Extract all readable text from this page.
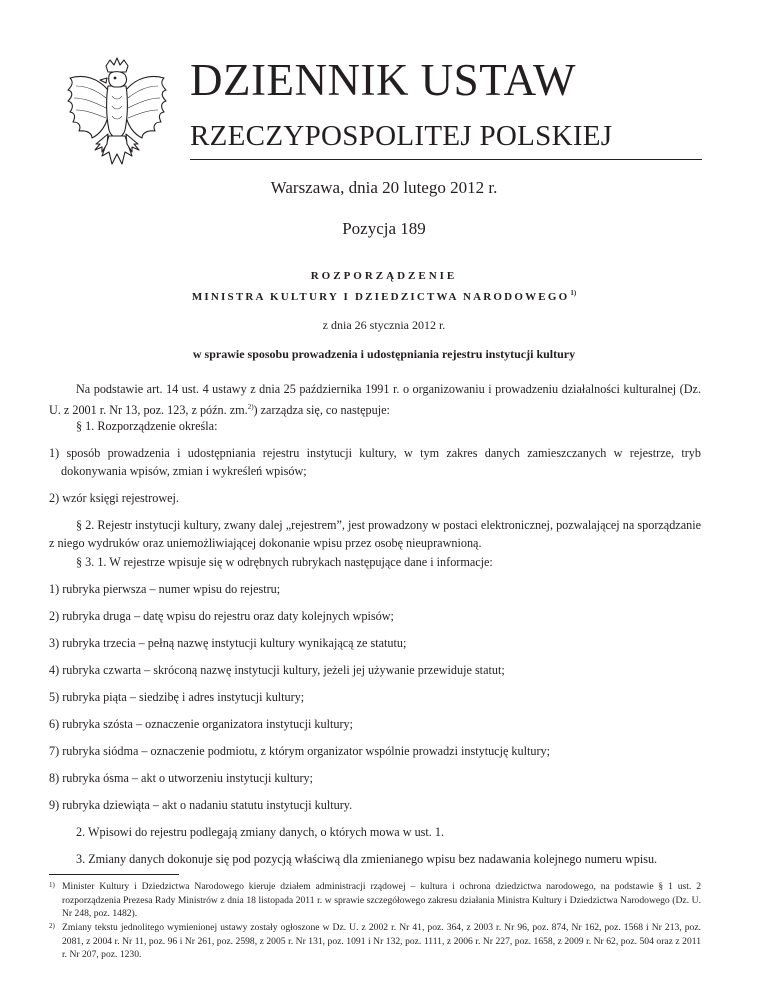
DZIENNIK USTAW
RZECZYPOSPOLITEJ POLSKIEJ
Warszawa, dnia 20 lutego 2012 r.
Pozycja 189
ROZPORZĄDZENIE
MINISTRA KULTURY I DZIEDZICTWA NARODOWEGO$^{1)}$
z dnia 26 stycznia 2012 r.
w sprawie sposobu prowadzenia i udostępniania rejestru instytucji kultury

Na podstawie art. 14 ust. 4 ustawy z dnia 25 października 1991 r. o organizowaniu i prowadzeniu działalności kulturalnej (Dz. U. z 2001 r. Nr 13, poz. 123, z późn. zm.$^{2)}$) zarządza się, co następuje:

§ 1. Rozporządzenie określa:

1) sposób prowadzenia i udostępniania rejestru instytucji kultury, w tym zakres danych zamieszczanych w rejestrze, tryb dokonywania wpisów, zmian i wykreśleń wpisów;

2) wzór księgi rejestrowej.

§ 2. Rejestr instytucji kultury, zwany dalej „rejestrem”, jest prowadzony w postaci elektronicznej, pozwalającej na sporządzanie z niego wydruków oraz uniemożliwiającej dokonanie wpisu przez osobę nieuprawnioną.

§ 3. 1. W rejestrze wpisuje się w odrębnych rubrykach następujące dane i informacje:

1) rubryka pierwsza – numer wpisu do rejestru;

2) rubryka druga – datę wpisu do rejestru oraz daty kolejnych wpisów;

3) rubryka trzecia – pełną nazwę instytucji kultury wynikającą ze statutu;

4) rubryka czwarta – skróconą nazwę instytucji kultury, jeżeli jej używanie przewiduje statut;

5) rubryka piąta – siedzibę i adres instytucji kultury;

6) rubryka szósta – oznaczenie organizatora instytucji kultury;

7) rubryka siódma – oznaczenie podmiotu, z którym organizator wspólnie prowadzi instytucję kultury;

8) rubryka ósma – akt o utworzeniu instytucji kultury;

9) rubryka dziewiąta – akt o nadaniu statutu instytucji kultury.

2. Wpisowi do rejestru podlegają zmiany danych, o których mowa w ust. 1.

3. Zmiany danych dokonuje się pod pozycją właściwą dla zmienianego wpisu bez nadawania kolejnego numeru wpisu.

1) Minister Kultury i Dziedzictwa Narodowego kieruje działem administracji rządowej – kultura i ochrona dziedzictwa narodowego, na podstawie § 1 ust. 2 rozporządzenia Prezesa Rady Ministrów z dnia 18 listopada 2011 r. w sprawie szczegółowego zakresu działania Ministra Kultury i Dziedzictwa Narodowego (Dz. U. Nr 248, poz. 1482).
2) Zmiany tekstu jednolitego wymienionej ustawy zostały ogłoszone w Dz. U. z 2002 r. Nr 41, poz. 364, z 2003 r. Nr 96, poz. 874, Nr 162, poz. 1568 i Nr 213, poz. 2081, z 2004 r. Nr 11, poz. 96 i Nr 261, poz. 2598, z 2005 r. Nr 131, poz. 1091 i Nr 132, poz. 1111, z 2006 r. Nr 227, poz. 1658, z 2009 r. Nr 62, poz. 504 oraz z 2011 r. Nr 207, poz. 1230.
